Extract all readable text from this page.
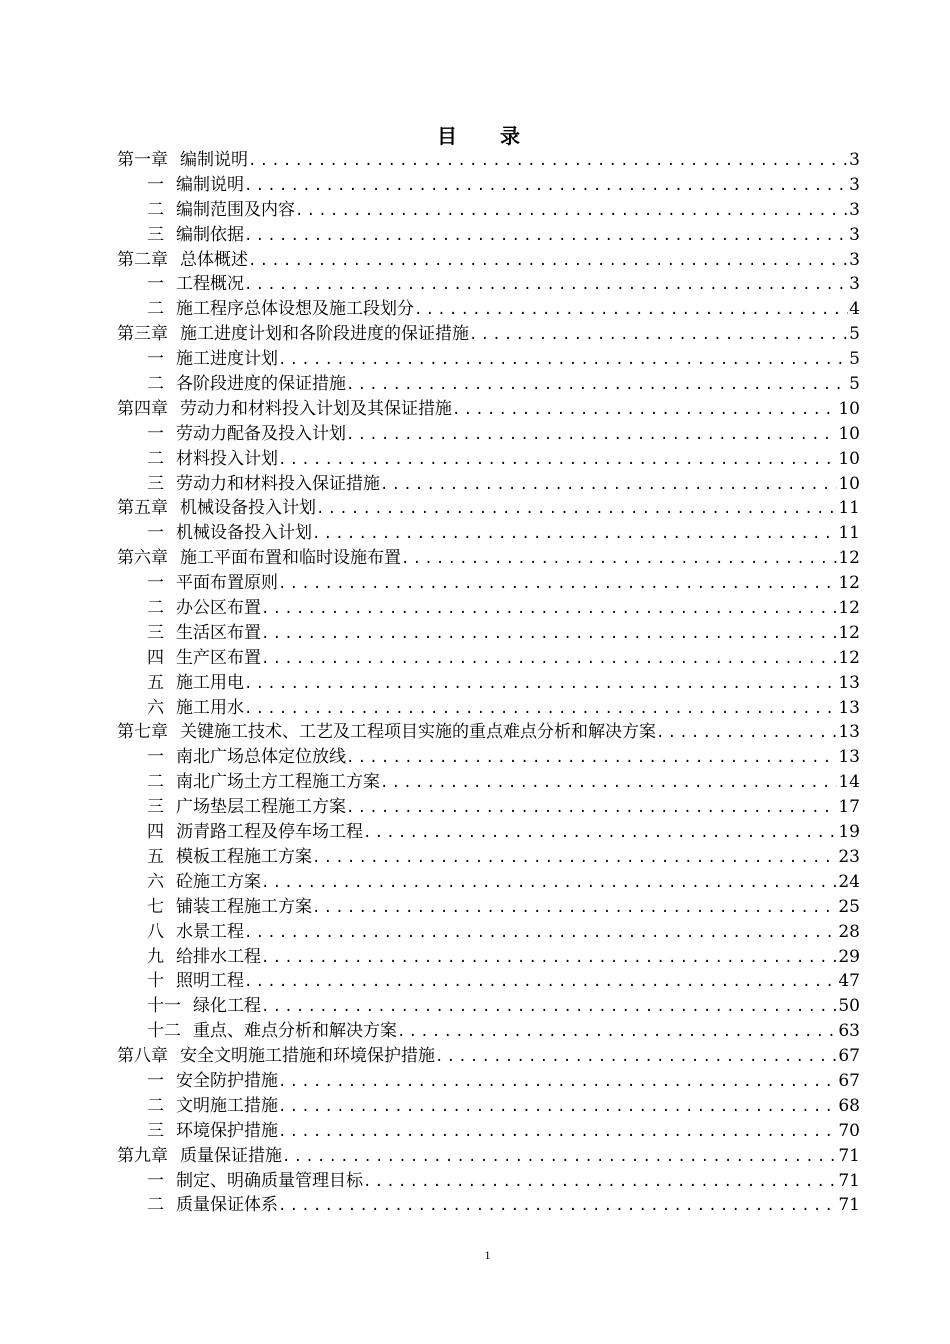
目 录
第一章 编制说明 .....	3
一 编制说明 .....	3
二 编制范围及内容 .....	3
三 编制依据 .....	3
第二章 总体概述 .....	3
一 工程概况 .....	3
二 施工程序总体设想及施工段划分 .....	4
第三章 施工进度计划和各阶段进度的保证措施 .....	5
一 施工进度计划 .....	5
二 各阶段进度的保证措施 .....	5
第四章 劳动力和材料投入计划及其保证措施 .....	10
一 劳动力配备及投入计划 .....	10
二 材料投入计划 .....	10
三 劳动力和材料投入保证措施 .....	10
第五章 机械设备投入计划 .....	11
一 机械设备投入计划 .....	11
第六章 施工平面布置和临时设施布置 .....	12
一 平面布置原则 .....	12
二 办公区布置 .....	12
三 生活区布置 .....	12
四 生产区布置 .....	12
五 施工用电 .....	13
六 施工用水 .....	13
第七章 关键施工技术、工艺及工程项目实施的重点难点分析和解决方案 .....	13
一 南北广场总体定位放线 .....	13
二 南北广场土方工程施工方案 .....	14
三 广场垫层工程施工方案 .....	17
四 沥青路工程及停车场工程 .....	19
五 模板工程施工方案 .....	23
六 砼施工方案 .....	24
七 铺装工程施工方案 .....	25
八 水景工程 .....	28
九 给排水工程 .....	29
十 照明工程 .....	47
十一 绿化工程 .....	50
十二 重点、难点分析和解决方案 .....	63
第八章 安全文明施工措施和环境保护措施 .....	67
一 安全防护措施 .....	67
二 文明施工措施 .....	68
三 环境保护措施 .....	70
第九章 质量保证措施 .....	71
一 制定、明确质量管理目标 .....	71
二 质量保证体系 .....	71
1
